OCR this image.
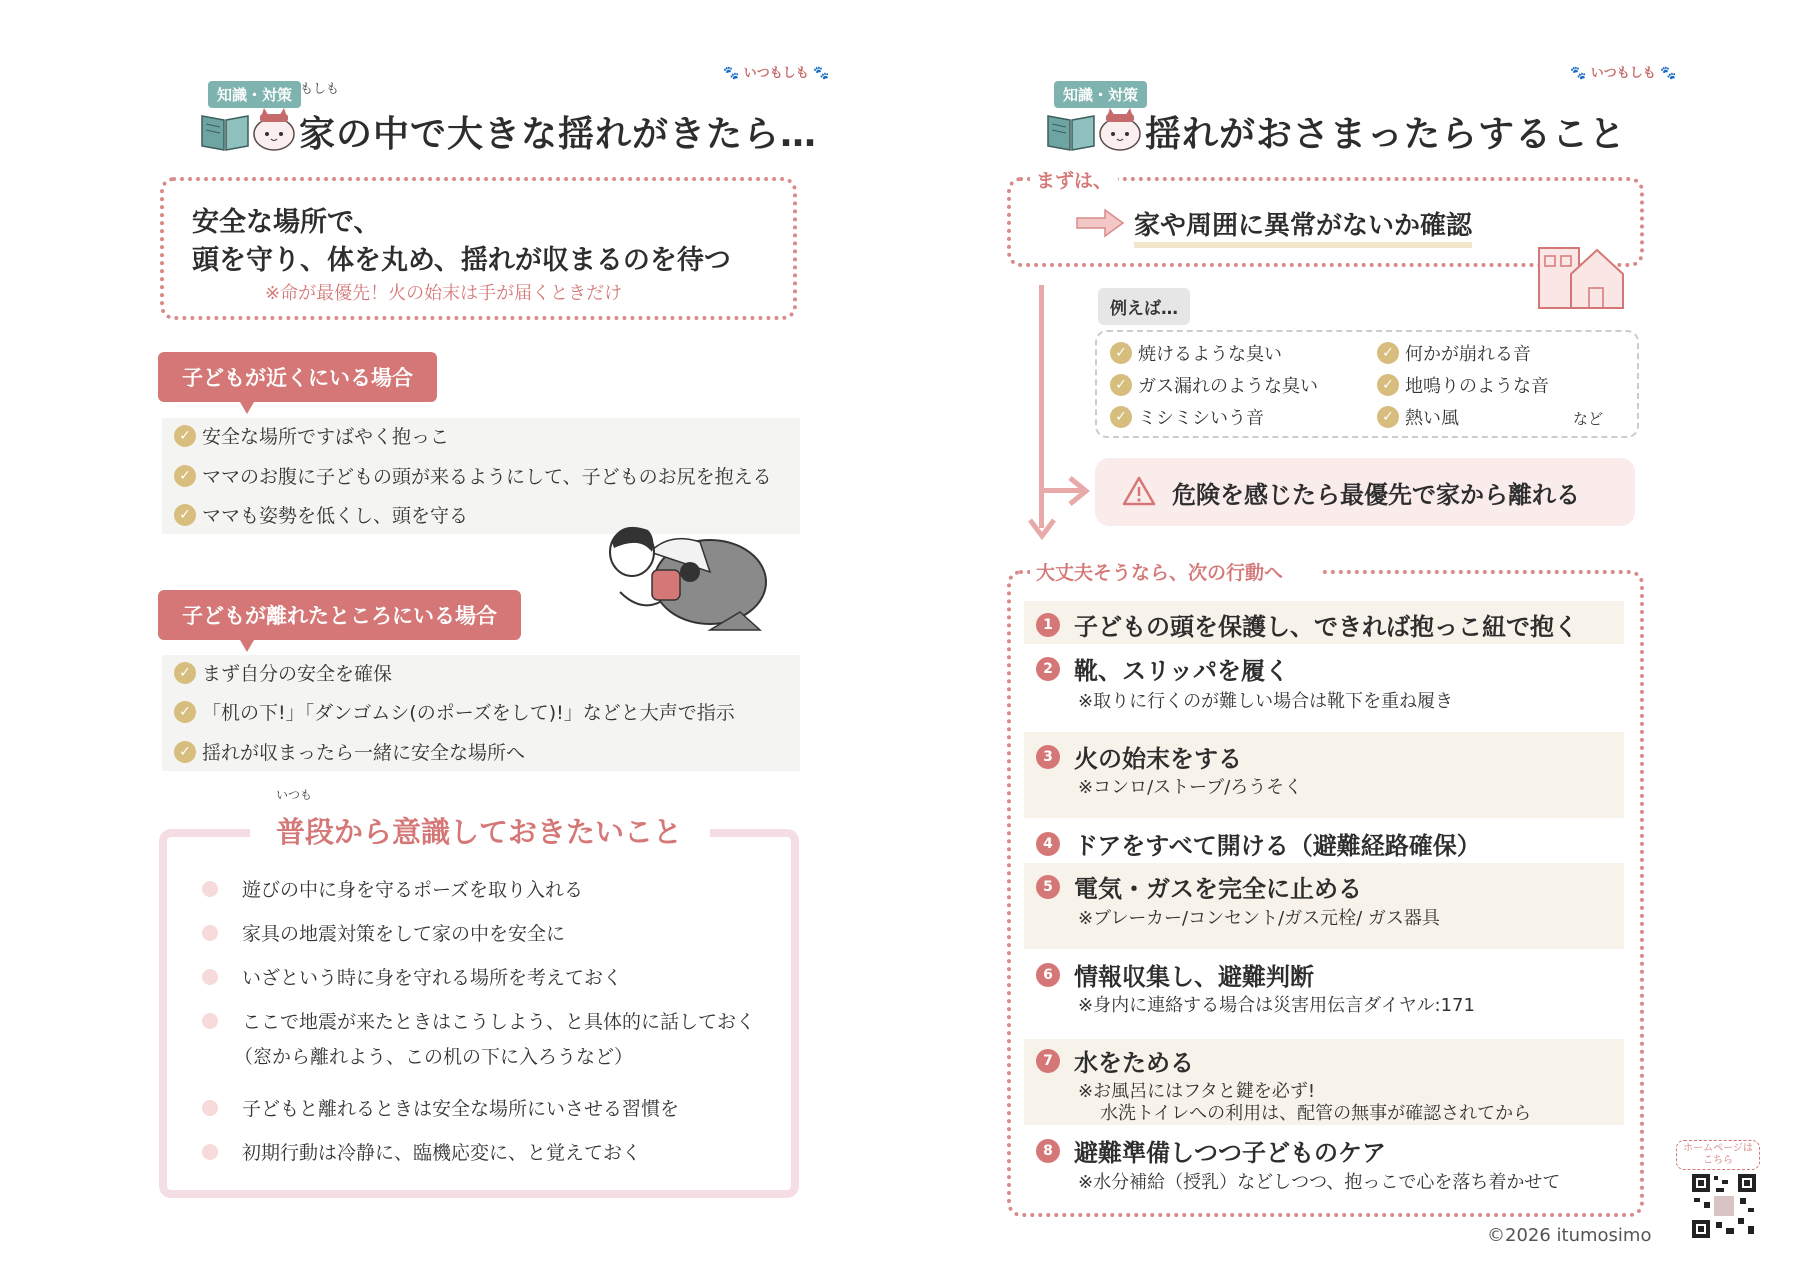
🐾 いつもしも 🐾
知識・対策 もしも
家の中で大きな揺れがきたら…
安全な場所で、
頭を守り、体を丸め、揺れが収まるのを待つ
※命が最優先！火の始末は手が届くときだけ
子どもが近くにいる場合
✓ 安全な場所ですばやく抱っこ
✓ ママのお腹に子どもの頭が来るようにして、子どものお尻を抱える
✓ ママも姿勢を低くし、頭を守る
子どもが離れたところにいる場合
✓ まず自分の安全を確保
✓ 「机の下!」「ダンゴムシ(のポーズをして)!」などと大声で指示
✓ 揺れが収まったら一緒に安全な場所へ
いつも
普段から意識しておきたいこと
遊びの中に身を守るポーズを取り入れる
家具の地震対策をして家の中を安全に
いざという時に身を守れる場所を考えておく
ここで地震が来たときはこうしよう、と具体的に話しておく
（窓から離れよう、この机の下に入ろうなど）
子どもと離れるときは安全な場所にいさせる習慣を
初期行動は冷静に、臨機応変に、と覚えておく
🐾 いつもしも 🐾
知識・対策
揺れがおさまったらすること
まずは、
家や周囲に異常がないか確認
例えば…
✓ 焼けるような臭い
✓ ガス漏れのような臭い
✓ ミシミシいう音
✓ 何かが崩れる音
✓ 地鳴りのような音
✓ 熱い風	など
危険を感じたら最優先で家から離れる
大丈夫そうなら、次の行動へ
1 子どもの頭を保護し、できれば抱っこ紐で抱く
2 靴、スリッパを履く
※取りに行くのが難しい場合は靴下を重ね履き
3 火の始末をする
※コンロ/ストーブ/ろうそく
4 ドアをすべて開ける（避難経路確保）
5 電気・ガスを完全に止める
※ブレーカー/コンセント/ガス元栓/ ガス器具
6 情報収集し、避難判断
※身内に連絡する場合は災害用伝言ダイヤル:171
7 水をためる
※お風呂にはフタと鍵を必ず!
水洗トイレへの利用は、配管の無事が確認されてから
8 避難準備しつつ子どものケア
※水分補給（授乳）などしつつ、抱っこで心を落ち着かせて
ホームページは
こちら
©2026 itumosimo
